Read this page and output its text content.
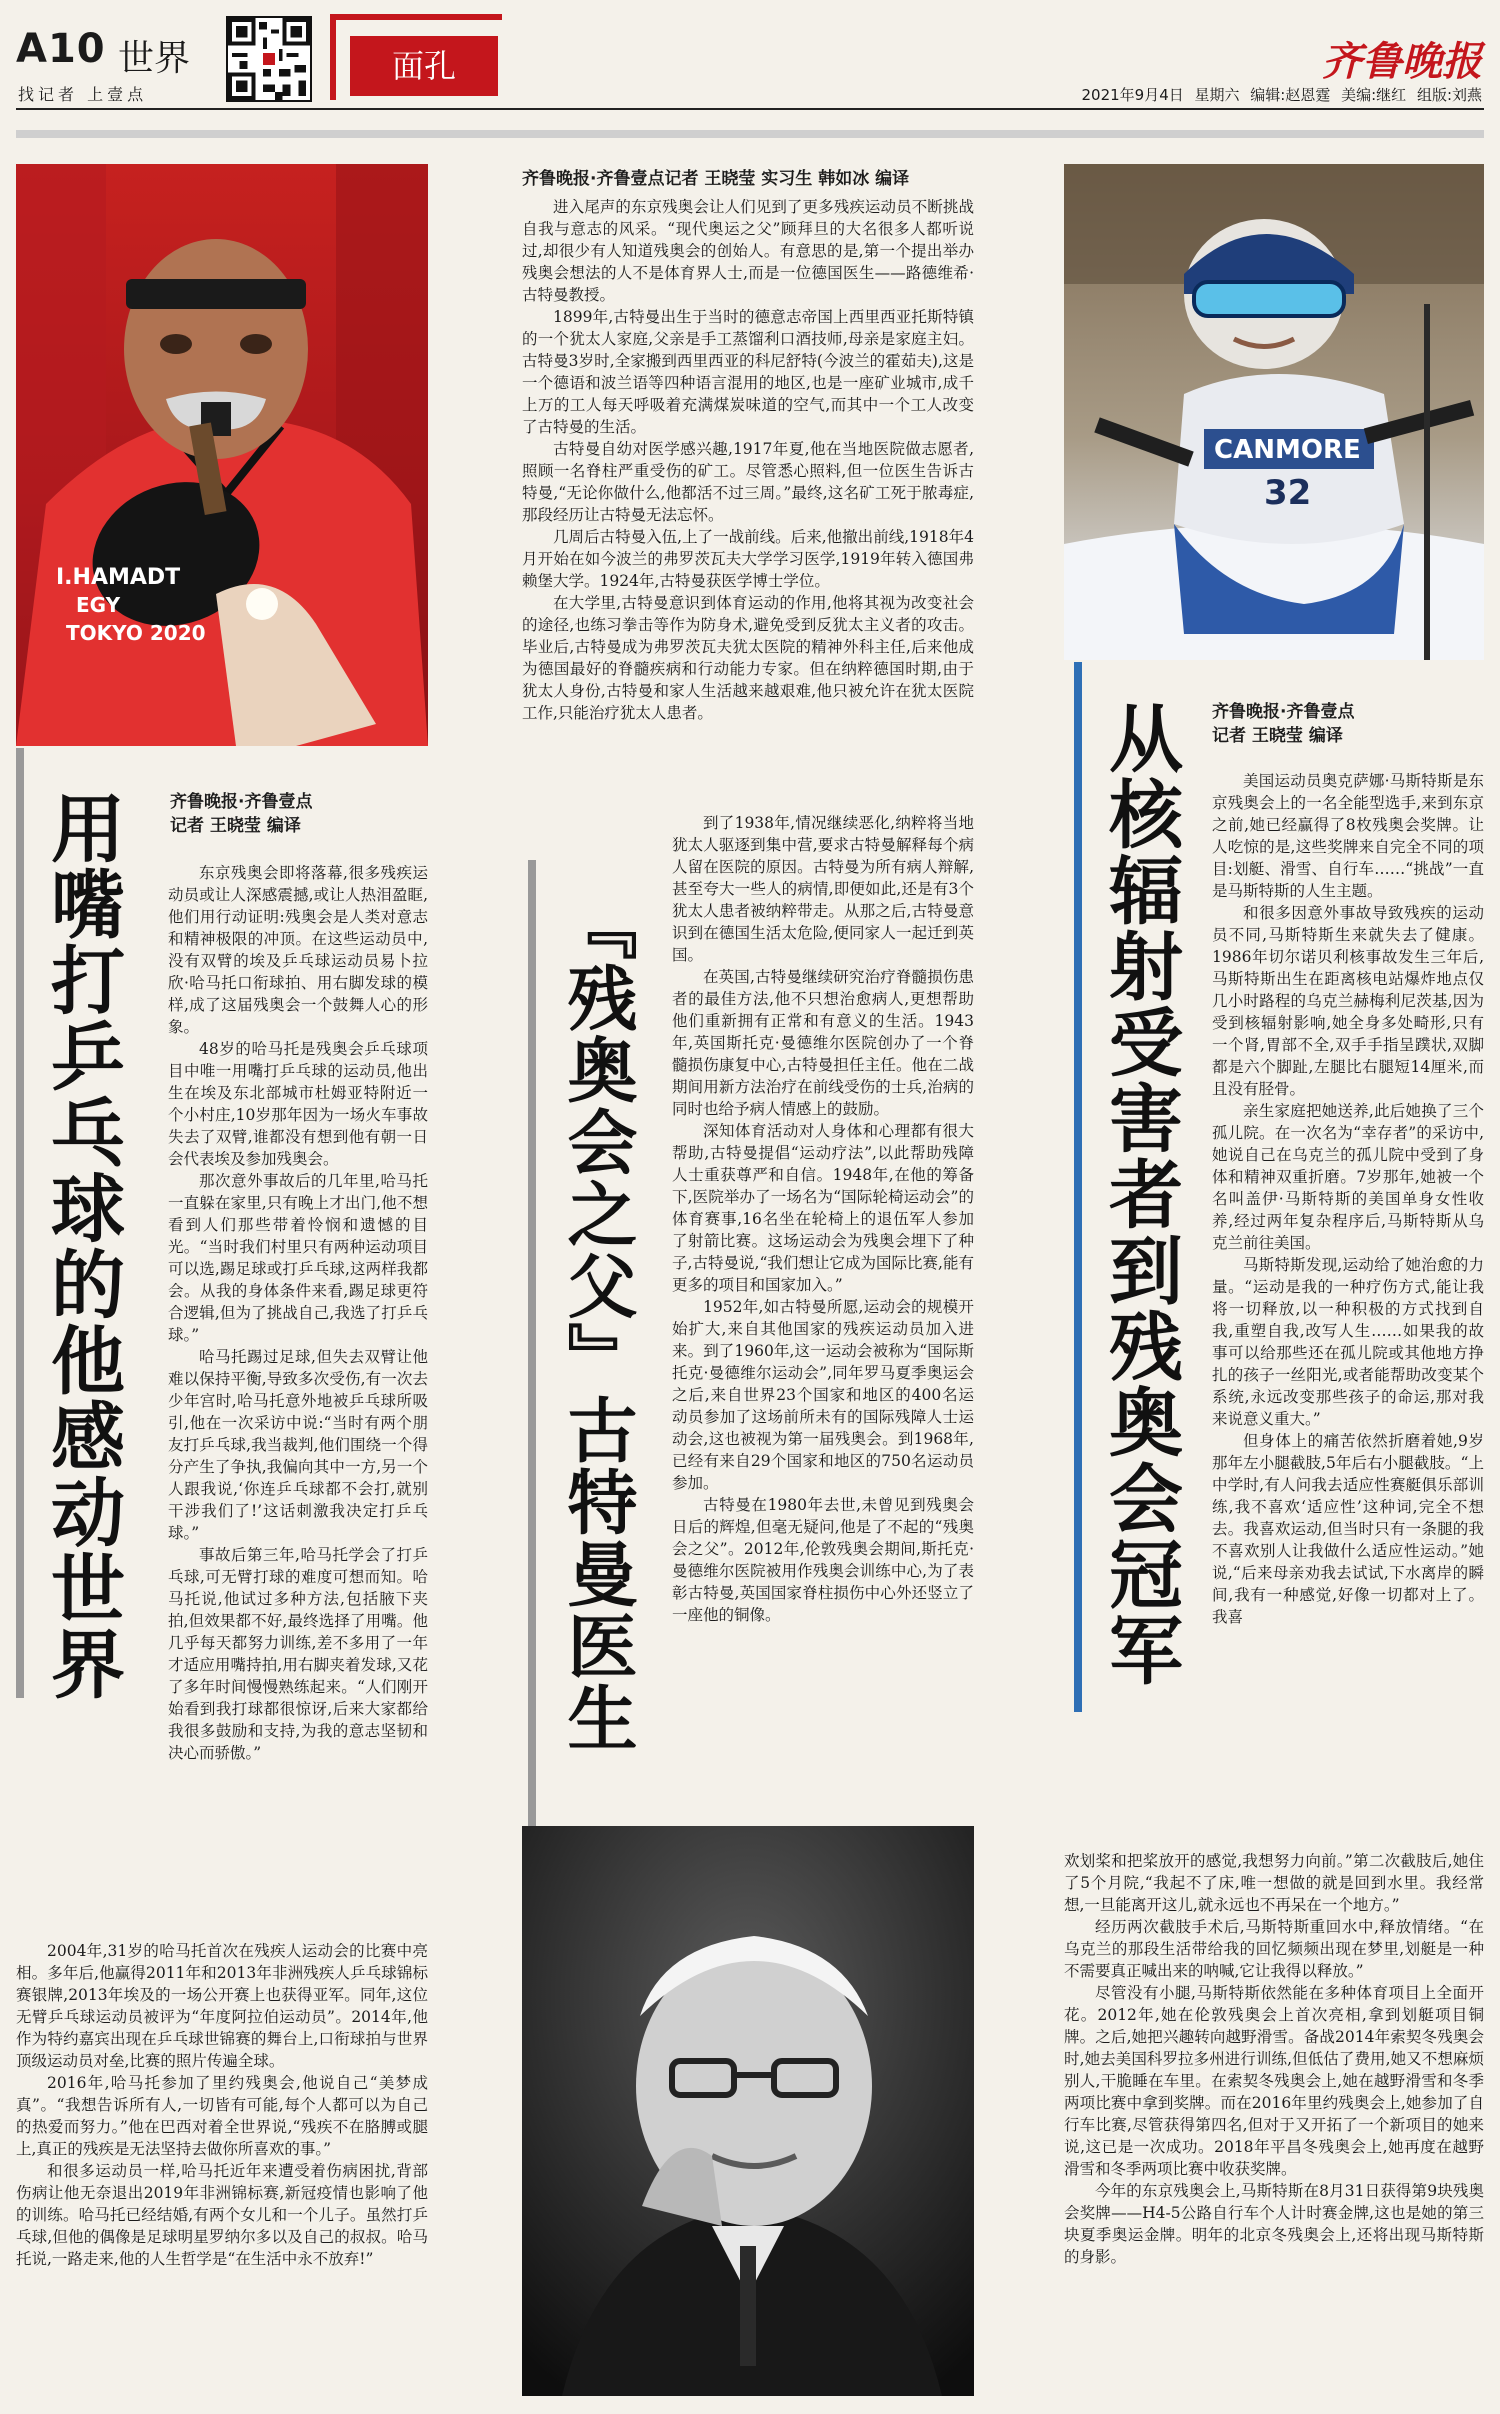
A10 世界
找记者 上壹点
面孔	齐鲁晚报
2021年9月4日 星期六 编辑:赵恩霆 美编:继红 组版:刘燕
I.HAMADT
EGY
TOKYO 2020
用嘴打乒乓球的他感动世界	齐鲁晚报·齐鲁壹点
记者 王晓莹 编译

东京残奥会即将落幕,很多残疾运动员或让人深感震撼,或让人热泪盈眶,他们用行动证明:残奥会是人类对意志和精神极限的冲顶。在这些运动员中,没有双臂的埃及乒乓球运动员易卜拉欣·哈马托口衔球拍、用右脚发球的模样,成了这届残奥会一个鼓舞人心的形象。

48岁的哈马托是残奥会乒乓球项目中唯一用嘴打乒乓球的运动员,他出生在埃及东北部城市杜姆亚特附近一个小村庄,10岁那年因为一场火车事故失去了双臂,谁都没有想到他有朝一日会代表埃及参加残奥会。

那次意外事故后的几年里,哈马托一直躲在家里,只有晚上才出门,他不想看到人们那些带着怜悯和遗憾的目光。“当时我们村里只有两种运动项目可以选,踢足球或打乒乓球,这两样我都会。从我的身体条件来看,踢足球更符合逻辑,但为了挑战自己,我选了打乒乓球。”

哈马托踢过足球,但失去双臂让他难以保持平衡,导致多次受伤,有一次去少年宫时,哈马托意外地被乒乓球所吸引,他在一次采访中说:“当时有两个朋友打乒乓球,我当裁判,他们围绕一个得分产生了争执,我偏向其中一方,另一个人跟我说,‘你连乒乓球都不会打,就别干涉我们了!’这话刺激我决定打乒乓球。”

事故后第三年,哈马托学会了打乒乓球,可无臂打球的难度可想而知。哈马托说,他试过多种方法,包括腋下夹拍,但效果都不好,最终选择了用嘴。他几乎每天都努力训练,差不多用了一年才适应用嘴持拍,用右脚夹着发球,又花了多年时间慢慢熟练起来。“人们刚开始看到我打球都很惊讶,后来大家都给我很多鼓励和支持,为我的意志坚韧和决心而骄傲。”

2004年,31岁的哈马托首次在残疾人运动会的比赛中亮相。多年后,他赢得2011年和2013年非洲残疾人乒乓球锦标赛银牌,2013年埃及的一场公开赛上也获得亚军。同年,这位无臂乒乓球运动员被评为“年度阿拉伯运动员”。2014年,他作为特约嘉宾出现在乒乓球世锦赛的舞台上,口衔球拍与世界顶级运动员对垒,比赛的照片传遍全球。

2016年,哈马托参加了里约残奥会,他说自己“美梦成真”。“我想告诉所有人,一切皆有可能,每个人都可以为自己的热爱而努力。”他在巴西对着全世界说,“残疾不在胳膊或腿上,真正的残疾是无法坚持去做你所喜欢的事。”

和很多运动员一样,哈马托近年来遭受着伤病困扰,背部伤病让他无奈退出2019年非洲锦标赛,新冠疫情也影响了他的训练。哈马托已经结婚,有两个女儿和一个儿子。虽然打乒乓球,但他的偶像是足球明星罗纳尔多以及自己的叔叔。哈马托说,一路走来,他的人生哲学是“在生活中永不放弃!”

齐鲁晚报·齐鲁壹点记者 王晓莹 实习生 韩如冰 编译

进入尾声的东京残奥会让人们见到了更多残疾运动员不断挑战自我与意志的风采。“现代奥运之父”顾拜旦的大名很多人都听说过,却很少有人知道残奥会的创始人。有意思的是,第一个提出举办残奥会想法的人不是体育界人士,而是一位德国医生——路德维希·古特曼教授。

1899年,古特曼出生于当时的德意志帝国上西里西亚托斯特镇的一个犹太人家庭,父亲是手工蒸馏利口酒技师,母亲是家庭主妇。古特曼3岁时,全家搬到西里西亚的科尼舒特(今波兰的霍茹夫),这是一个德语和波兰语等四种语言混用的地区,也是一座矿业城市,成千上万的工人每天呼吸着充满煤炭味道的空气,而其中一个工人改变了古特曼的生活。

古特曼自幼对医学感兴趣,1917年夏,他在当地医院做志愿者,照顾一名脊柱严重受伤的矿工。尽管悉心照料,但一位医生告诉古特曼,“无论你做什么,他都活不过三周。”最终,这名矿工死于脓毒症,那段经历让古特曼无法忘怀。

几周后古特曼入伍,上了一战前线。后来,他撤出前线,1918年4月开始在如今波兰的弗罗茨瓦夫大学学习医学,1919年转入德国弗赖堡大学。1924年,古特曼获医学博士学位。

在大学里,古特曼意识到体育运动的作用,他将其视为改变社会的途径,也练习拳击等作为防身术,避免受到反犹太主义者的攻击。毕业后,古特曼成为弗罗茨瓦夫犹太医院的精神外科主任,后来他成为德国最好的脊髓疾病和行动能力专家。但在纳粹德国时期,由于犹太人身份,古特曼和家人生活越来越艰难,他只被允许在犹太医院工作,只能治疗犹太人患者。

『残奥会之父』古特曼医生

到了1938年,情况继续恶化,纳粹将当地犹太人驱逐到集中营,要求古特曼解释每个病人留在医院的原因。古特曼为所有病人辩解,甚至夸大一些人的病情,即便如此,还是有3个犹太人患者被纳粹带走。从那之后,古特曼意识到在德国生活太危险,便同家人一起迁到英国。

在英国,古特曼继续研究治疗脊髓损伤患者的最佳方法,他不只想治愈病人,更想帮助他们重新拥有正常和有意义的生活。1943年,英国斯托克·曼德维尔医院创办了一个脊髓损伤康复中心,古特曼担任主任。他在二战期间用新方法治疗在前线受伤的士兵,治病的同时也给予病人情感上的鼓励。

深知体育活动对人身体和心理都有很大帮助,古特曼提倡“运动疗法”,以此帮助残障人士重获尊严和自信。1948年,在他的筹备下,医院举办了一场名为“国际轮椅运动会”的体育赛事,16名坐在轮椅上的退伍军人参加了射箭比赛。这场运动会为残奥会埋下了种子,古特曼说,“我们想让它成为国际比赛,能有更多的项目和国家加入。”

1952年,如古特曼所愿,运动会的规模开始扩大,来自其他国家的残疾运动员加入进来。到了1960年,这一运动会被称为“国际斯托克·曼德维尔运动会”,同年罗马夏季奥运会之后,来自世界23个国家和地区的400名运动员参加了这场前所未有的国际残障人士运动会,这也被视为第一届残奥会。到1968年,已经有来自29个国家和地区的750名运动员参加。

古特曼在1980年去世,未曾见到残奥会日后的辉煌,但毫无疑问,他是了不起的“残奥会之父”。2012年,伦敦残奥会期间,斯托克·曼德维尔医院被用作残奥会训练中心,为了表彰古特曼,英国国家脊柱损伤中心外还竖立了一座他的铜像。

CANMORE
32
齐鲁晚报·齐鲁壹点
记者 王晓莹 编译
从核辐射受害者到残奥会冠军	美国运动员奥克萨娜·马斯特斯是东京残奥会上的一名全能型选手,来到东京之前,她已经赢得了8枚残奥会奖牌。让人吃惊的是,这些奖牌来自完全不同的项目:划艇、滑雪、自行车……“挑战”一直是马斯特斯的人生主题。

和很多因意外事故导致残疾的运动员不同,马斯特斯生来就失去了健康。1986年切尔诺贝利核事故发生三年后,马斯特斯出生在距离核电站爆炸地点仅几小时路程的乌克兰赫梅利尼茨基,因为受到核辐射影响,她全身多处畸形,只有一个肾,胃部不全,双手手指呈蹼状,双脚都是六个脚趾,左腿比右腿短14厘米,而且没有胫骨。

亲生家庭把她送养,此后她换了三个孤儿院。在一次名为“幸存者”的采访中,她说自己在乌克兰的孤儿院中受到了身体和精神双重折磨。7岁那年,她被一个名叫盖伊·马斯特斯的美国单身女性收养,经过两年复杂程序后,马斯特斯从乌克兰前往美国。

马斯特斯发现,运动给了她治愈的力量。“运动是我的一种疗伤方式,能让我将一切释放,以一种积极的方式找到自我,重塑自我,改写人生……如果我的故事可以给那些还在孤儿院或其他地方挣扎的孩子一丝阳光,或者能帮助改变某个系统,永远改变那些孩子的命运,那对我来说意义重大。”

但身体上的痛苦依然折磨着她,9岁那年左小腿截肢,5年后右小腿截肢。“上中学时,有人问我去适应性赛艇俱乐部训练,我不喜欢‘适应性’这种词,完全不想去。我喜欢运动,但当时只有一条腿的我不喜欢别人让我做什么适应性运动。”她说,“后来母亲劝我去试试,下水离岸的瞬间,我有一种感觉,好像一切都对上了。我喜

欢划桨和把桨放开的感觉,我想努力向前。”第二次截肢后,她住了5个月院,“我起不了床,唯一想做的就是回到水里。我经常想,一旦能离开这儿,就永远也不再呆在一个地方。”

经历两次截肢手术后,马斯特斯重回水中,释放情绪。“在乌克兰的那段生活带给我的回忆频频出现在梦里,划艇是一种不需要真正喊出来的呐喊,它让我得以释放。”

尽管没有小腿,马斯特斯依然能在多种体育项目上全面开花。2012年,她在伦敦残奥会上首次亮相,拿到划艇项目铜牌。之后,她把兴趣转向越野滑雪。备战2014年索契冬残奥会时,她去美国科罗拉多州进行训练,但低估了费用,她又不想麻烦别人,干脆睡在车里。在索契冬残奥会上,她在越野滑雪和冬季两项比赛中拿到奖牌。而在2016年里约残奥会上,她参加了自行车比赛,尽管获得第四名,但对于又开拓了一个新项目的她来说,这已是一次成功。2018年平昌冬残奥会上,她再度在越野滑雪和冬季两项比赛中收获奖牌。

今年的东京残奥会上,马斯特斯在8月31日获得第9块残奥会奖牌——H4-5公路自行车个人计时赛金牌,这也是她的第三块夏季奥运金牌。明年的北京冬残奥会上,还将出现马斯特斯的身影。
